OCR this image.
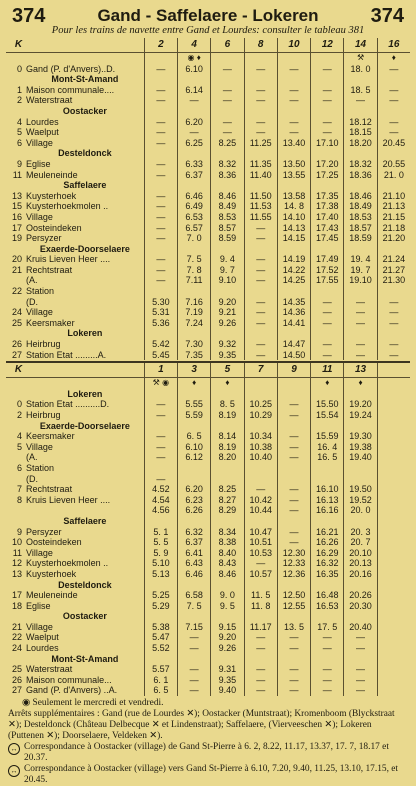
374	Gand - Saffelaere - Lokeren	374
Pour les trains de navette entre Gand et Lourdes: consulter le tableau 381
K		2	4	6	8	10	12	14	16
			◉ ♦					⚒	♦
0	Gand (P. d'Anvers)..D.	—	6.10	—	—	—	—	18. 0	—
	Mont-St-Amand								
1	Maison communale....	—	6.14	—	—	—	—	18. 5	—
2	Waterstraat	—	—	—	—	—	—	—	—
	Oostacker								
4	Lourdes	—	6.20	—	—	—	—	18.12	—
5	Waelput	—	—	—	—	—	—	18.15	—
6	Village	—	6.25	8.25	11.25	13.40	17.10	18.20	20.45
	Desteldonck								
9	Eglise	—	6.33	8.32	11.35	13.50	17.20	18.32	20.55
11	Meuleneinde	—	6.37	8.36	11.40	13.55	17.25	18.36	21. 0
	Saffelaere								
13	Kuysterhoek	—	6.46	8.46	11.50	13.58	17.35	18.46	21.10
15	Kuysterhoekmolen ..	—	6.49	8.49	11.53	14. 8	17.38	18.49	21.13
16	Village	—	6.53	8.53	11.55	14.10	17.40	18.53	21.15
17	Oosteindeken	—	6.57	8.57	—	14.13	17.43	18.57	21.18
19	Persyzer	—	7. 0	8.59	—	14.15	17.45	18.59	21.20
	Exaerde-Doorselaere								
20	Kruis Lieven Heer ....	—	7. 5	9. 4	—	14.19	17.49	19. 4	21.24
21	Rechtstraat	—	7. 8	9. 7	—	14.22	17.52	19. 7	21.27
	(A.	—	7.11	9.10	—	14.25	17.55	19.10	21.30
22	Station								
	(D.	5.30	7.16	9.20	—	14.35	—	—	—
24	Village	5.31	7.19	9.21	—	14.36	—	—	—
25	Keersmaker	5.36	7.24	9.26	—	14.41	—	—	—
	Lokeren								
26	Heirbrug	5.42	7.30	9.32	—	14.47	—	—	—
27	Station Etat .........A.	5.45	7.35	9.35	—	14.50	—	—	—
K		1	3	5	7	9	11	13	
		⚒ ◉	♦	♦			♦	♦	
	Lokeren								
0	Station Etat ..........D.	—	5.55	8. 5	10.25	—	15.50	19.20	
2	Heirbrug	—	5.59	8.19	10.29	—	15.54	19.24	
	Exaerde-Doorselaere								
4	Keersmaker	—	6. 5	8.14	10.34	—	15.59	19.30	
5	Village	—	6.10	8.19	10.38	—	16. 4	19.38	
	(A.	—	6.12	8.20	10.40	—	16. 5	19.40	
6	Station								
	(D.	—							
7	Rechtstraat	4.52	6.20	8.25	—	—	16.10	19.50	
8	Kruis Lieven Heer ....	4.54	6.23	8.27	10.42	—	16.13	19.52	
		4.56	6.26	8.29	10.44	—	16.16	20. 0	
	Saffelaere								
9	Persyzer	5. 1	6.32	8.34	10.47	—	16.21	20. 3	
10	Oosteindeken	5. 5	6.37	8.38	10.51	—	16.26	20. 7	
11	Village	5. 9	6.41	8.40	10.53	12.30	16.29	20.10	
12	Kuysterhoekmolen ..	5.10	6.43	8.43	—	12.33	16.32	20.13	
13	Kuysterhoek	5.13	6.46	8.46	10.57	12.36	16.35	20.16	
	Desteldonck								
17	Meuleneinde	5.25	6.58	9. 0	11. 5	12.50	16.48	20.26	
18	Eglise	5.29	7. 5	9. 5	11. 8	12.55	16.53	20.30	
	Oostacker								
21	Village	5.38	7.15	9.15	11.17	13. 5	17. 5	20.40	
22	Waelput	5.47	—	9.20	—	—	—	—	
24	Lourdes	5.52	—	9.26	—	—	—	—	
	Mont-St-Amand								
25	Waterstraat	5.57	—	9.31	—	—	—	—	
26	Maison communale...	6. 1	—	9.35	—	—	—	—	
27	Gand (P. d'Anvers) ..A.	6. 5	—	9.40	—	—	—	—	
◉ Seulement le mercredi et vendredi.
Arrêts supplémentaires : Gand (rue de Lourdes ✕); Oostacker (Muntstraat); Kromenboom (Blyckstraat ✕); Desteldonck (Château Delbecque ✕ et Lindenstraat); Saffelaere, (Vierveeschen ✕); Lokeren (Puttenen ✕); Doorselaere, Veldeken ✕).
↔ Correspondance à Oostacker (village) de Gand St-Pierre à 6. 2, 8.22, 11.17, 13.37, 17. 7, 18.17 et 20.37.
↔ Correspondance à Oostacker (village) vers Gand St-Pierre à 6.10, 7.20, 9.40, 11.25, 13.10, 17.15, et 20.45.
